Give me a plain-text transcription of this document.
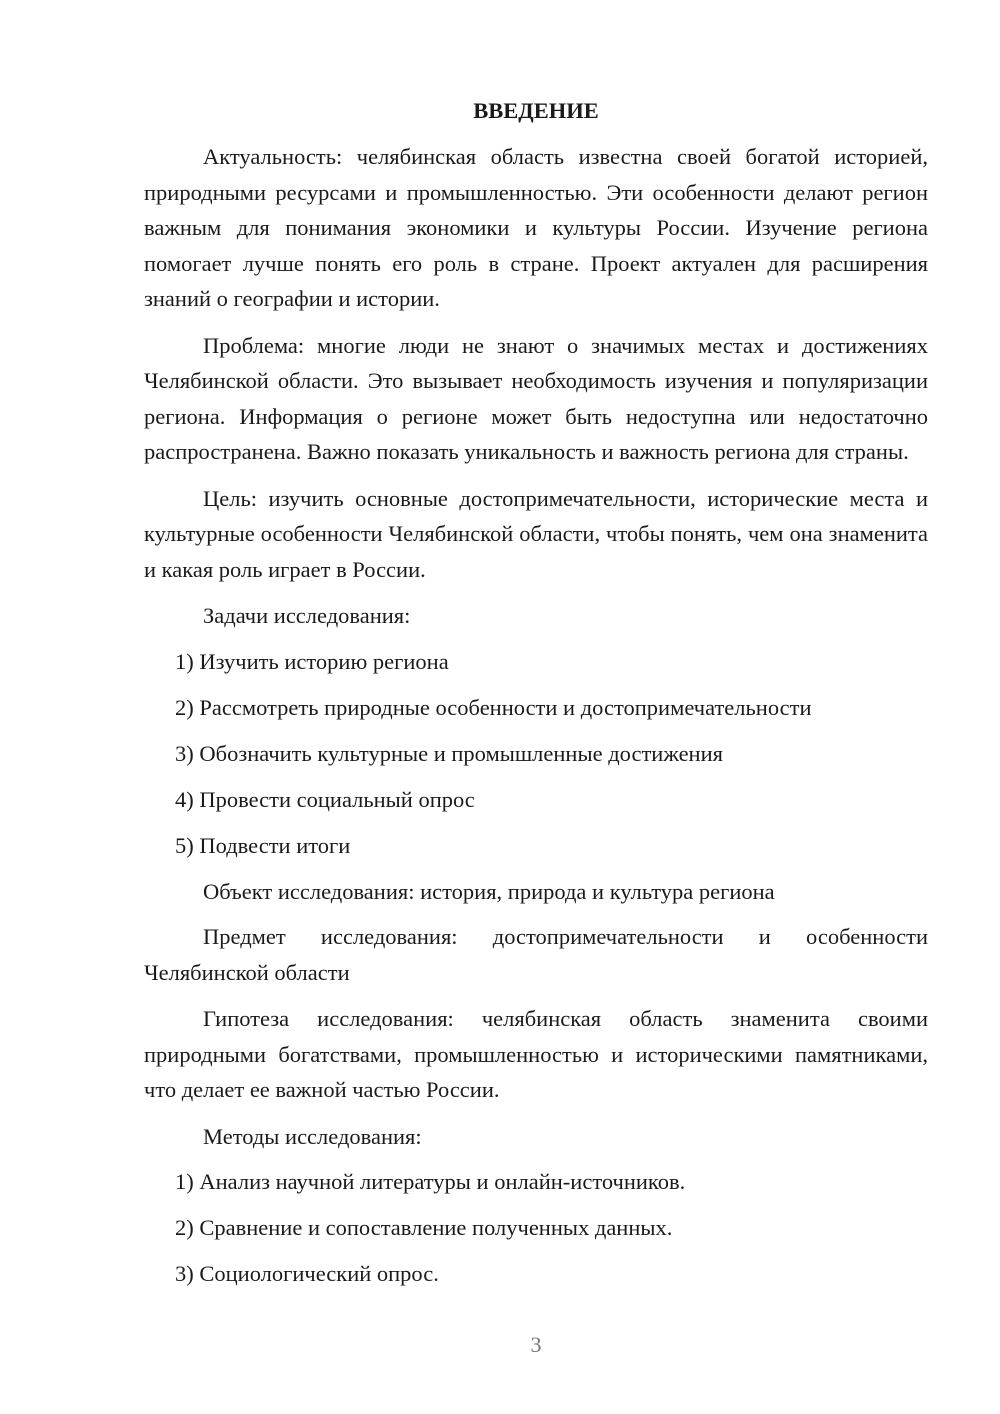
ВВЕДЕНИЕ

Актуальность: челябинская область известна своей богатой историей, природными ресурсами и промышленностью. Эти особенности делают регион важным для понимания экономики и культуры России. Изучение региона помогает лучше понять его роль в стране. Проект актуален для расширения знаний о географии и истории.

Проблема: многие люди не знают о значимых местах и достижениях Челябинской области. Это вызывает необходимость изучения и популяризации региона. Информация о регионе может быть недоступна или недостаточно распространена. Важно показать уникальность и важность региона для страны.

Цель: изучить основные достопримечательности, исторические места и культурные особенности Челябинской области, чтобы понять, чем она знаменита и какая роль играет в России.

Задачи исследования:

1) Изучить историю региона
2) Рассмотреть природные особенности и достопримечательности
3) Обозначить культурные и промышленные достижения
4) Провести социальный опрос
5) Подвести итоги

Объект исследования: история, природа и культура региона

Предмет исследования: достопримечательности и особенности Челябинской области

Гипотеза исследования: челябинская область знаменита своими природными богатствами, промышленностью и историческими памятниками, что делает ее важной частью России.

Методы исследования:

1) Анализ научной литературы и онлайн-источников.
2) Сравнение и сопоставление полученных данных.
3) Социологический опрос.
3
